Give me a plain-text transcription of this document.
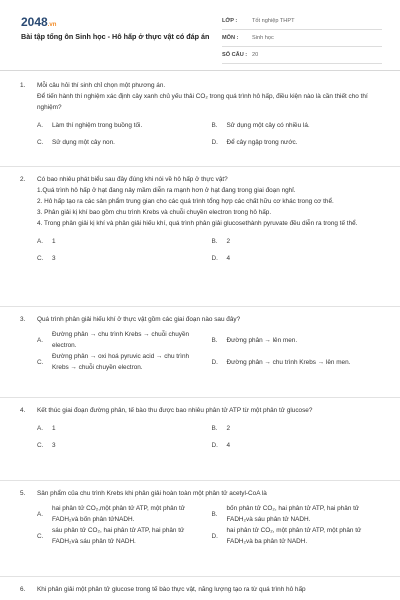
2048.vn
Bài tập tổng ôn Sinh học - Hô hấp ở thực vật có đáp án
LỚP :	Tốt nghiệp THPT
MÔN :	Sinh học
SỐ CÂU : 20
1.	Mỗi câu hỏi thí sinh chỉ chọn một phương án.

Để tiến hành thí nghiệm xác định cây xanh chủ yếu thải CO₂ trong quá trình hô hấp, điều kiện nào là cần thiết cho thí nghiệm?

A.	Làm thí nghiệm trong buồng tối.	B.	Sử dụng một cây có nhiều lá.
C.	Sử dụng một cây non.	D.	Để cây ngập trong nước.
2.	Có bao nhiêu phát biểu sau đây đúng khi nói về hô hấp ở thực vật?

1.Quá trình hô hấp ở hạt đang nảy mầm diễn ra mạnh hơn ở hạt đang trong giai đoạn nghỉ.

2. Hô hấp tạo ra các sản phẩm trung gian cho các quá trình tổng hợp các chất hữu cơ khác trong cơ thể.

3. Phân giải kị khí bao gồm chu trình Krebs và chuỗi chuyền electron trong hô hấp.

4. Trong phân giải kị khí và phân giải hiếu khí, quá trình phân giải glucosethành pyruvate đều diễn ra trong tế thể.

A.	1	B.	2
C.	3	D.	4
3.	Quá trình phân giải hiếu khí ở thực vật gồm các giai đoạn nào sau đây?

A.
Đường phân → chu trình Krebs → chuỗi chuyền electron.
B.	Đường phân → lên men.
C.
Đường phân → oxi hoá pyruvic acid → chu trình Krebs → chuỗi chuyền electron.
D.	Đường phân → chu trình Krebs → lên men.
4.	Kết thúc giai đoạn đường phân, tế bào thu được bao nhiêu phân tử ATP từ một phân tử glucose?

A.	1	B.	2
C.	3	D.	4
5.	Sản phẩm của chu trình Krebs khi phân giải hoàn toàn một phân tử acetyl-CoA là

A.
hai phân tử CO₂,một phân tử ATP, một phân tử FADH₂và bốn phân tửNADH.
B.
bốn phân tử CO₂, hai phân tử ATP, hai phân tử FADH₂và sáu phân tử NADH.
C.
sáu phân tử CO₂, hai phân tử ATP, hai phân tử FADH₂và sáu phân tử NADH.
D.
hai phân tử CO₂, một phân tử ATP, một phân tử FADH₂và ba phân tử NADH.
6.	Khi phân giải một phân tử glucose trong tế bào thực vật, năng lượng tạo ra từ quá trình hô hấp
